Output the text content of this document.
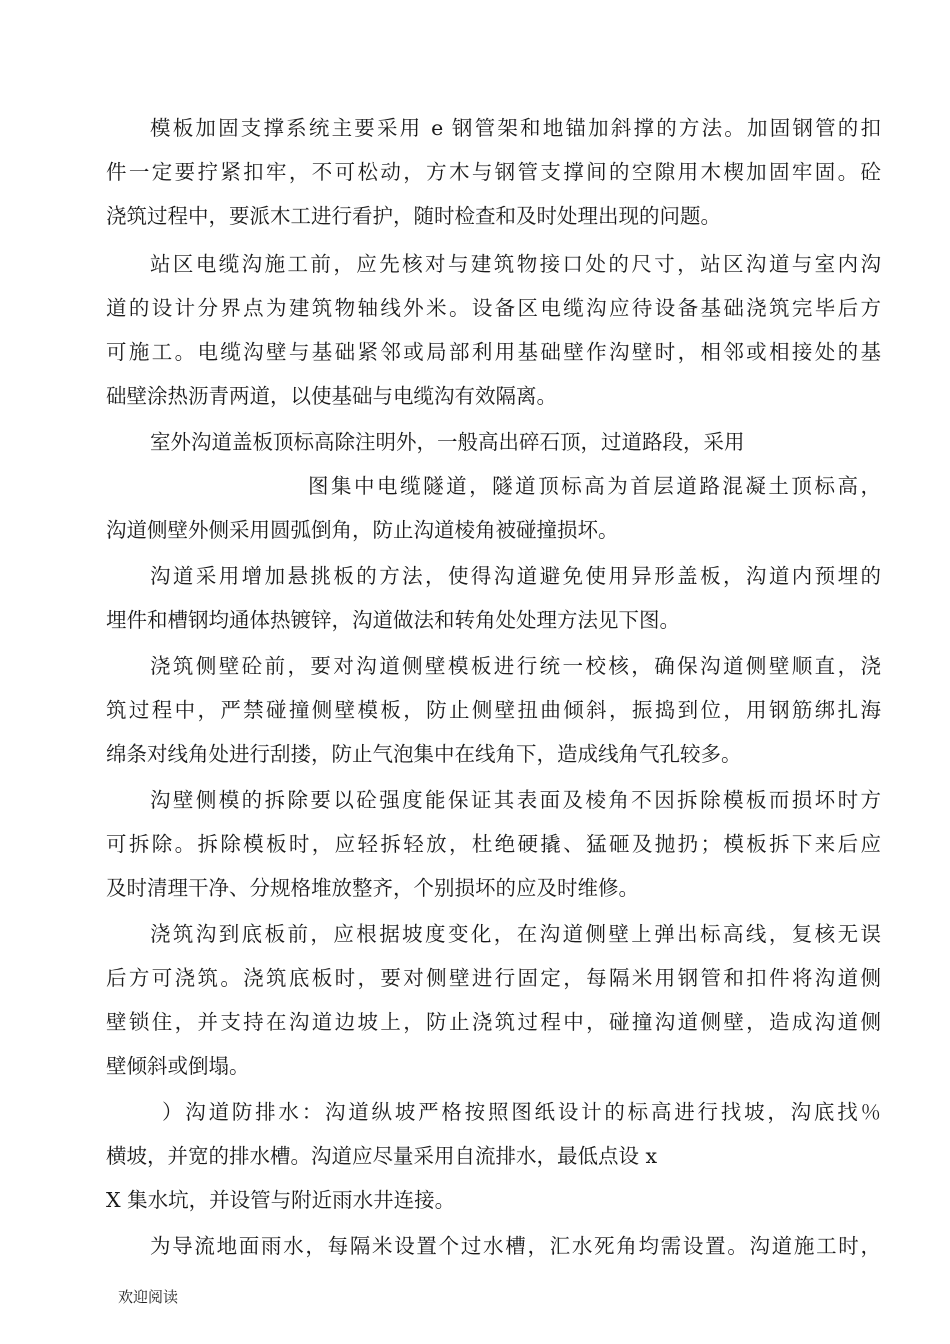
模板加固支撑系统主要采用 e 钢管架和地锚加斜撑的方法。加固钢管的扣
件一定要拧紧扣牢，不可松动，方木与钢管支撑间的空隙用木楔加固牢固。砼
浇筑过程中，要派木工进行看护，随时检查和及时处理出现的问题。
站区电缆沟施工前，应先核对与建筑物接口处的尺寸，站区沟道与室内沟
道的设计分界点为建筑物轴线外米。设备区电缆沟应待设备基础浇筑完毕后方
可施工。电缆沟壁与基础紧邻或局部利用基础壁作沟壁时，相邻或相接处的基
础壁涂热沥青两道，以使基础与电缆沟有效隔离。
室外沟道盖板顶标高除注明外，一般高出碎石顶，过道路段，采用
图集中电缆隧道，隧道顶标高为首层道路混凝土顶标高，
沟道侧壁外侧采用圆弧倒角，防止沟道棱角被碰撞损坏。
沟道采用增加悬挑板的方法，使得沟道避免使用异形盖板，沟道内预埋的
埋件和槽钢均通体热镀锌，沟道做法和转角处处理方法见下图。
浇筑侧壁砼前，要对沟道侧壁模板进行统一校核，确保沟道侧壁顺直，浇
筑过程中，严禁碰撞侧壁模板，防止侧壁扭曲倾斜，振捣到位，用钢筋绑扎海
绵条对线角处进行刮搂，防止气泡集中在线角下，造成线角气孔较多。
沟壁侧模的拆除要以砼强度能保证其表面及棱角不因拆除模板而损坏时方
可拆除。拆除模板时，应轻拆轻放，杜绝硬撬、猛砸及抛扔；模板拆下来后应
及时清理干净、分规格堆放整齐，个别损坏的应及时维修。
浇筑沟到底板前，应根据坡度变化，在沟道侧壁上弹出标高线，复核无误
后方可浇筑。浇筑底板时，要对侧壁进行固定，每隔米用钢管和扣件将沟道侧
壁锁住，并支持在沟道边坡上，防止浇筑过程中，碰撞沟道侧壁，造成沟道侧
壁倾斜或倒塌。
）沟道防排水：沟道纵坡严格按照图纸设计的标高进行找坡，沟底找％
横坡，并宽的排水槽。沟道应尽量采用自流排水，最低点设 x
X 集水坑，并设管与附近雨水井连接。
为导流地面雨水，每隔米设置个过水槽，汇水死角均需设置。沟道施工时，
欢迎阅读
